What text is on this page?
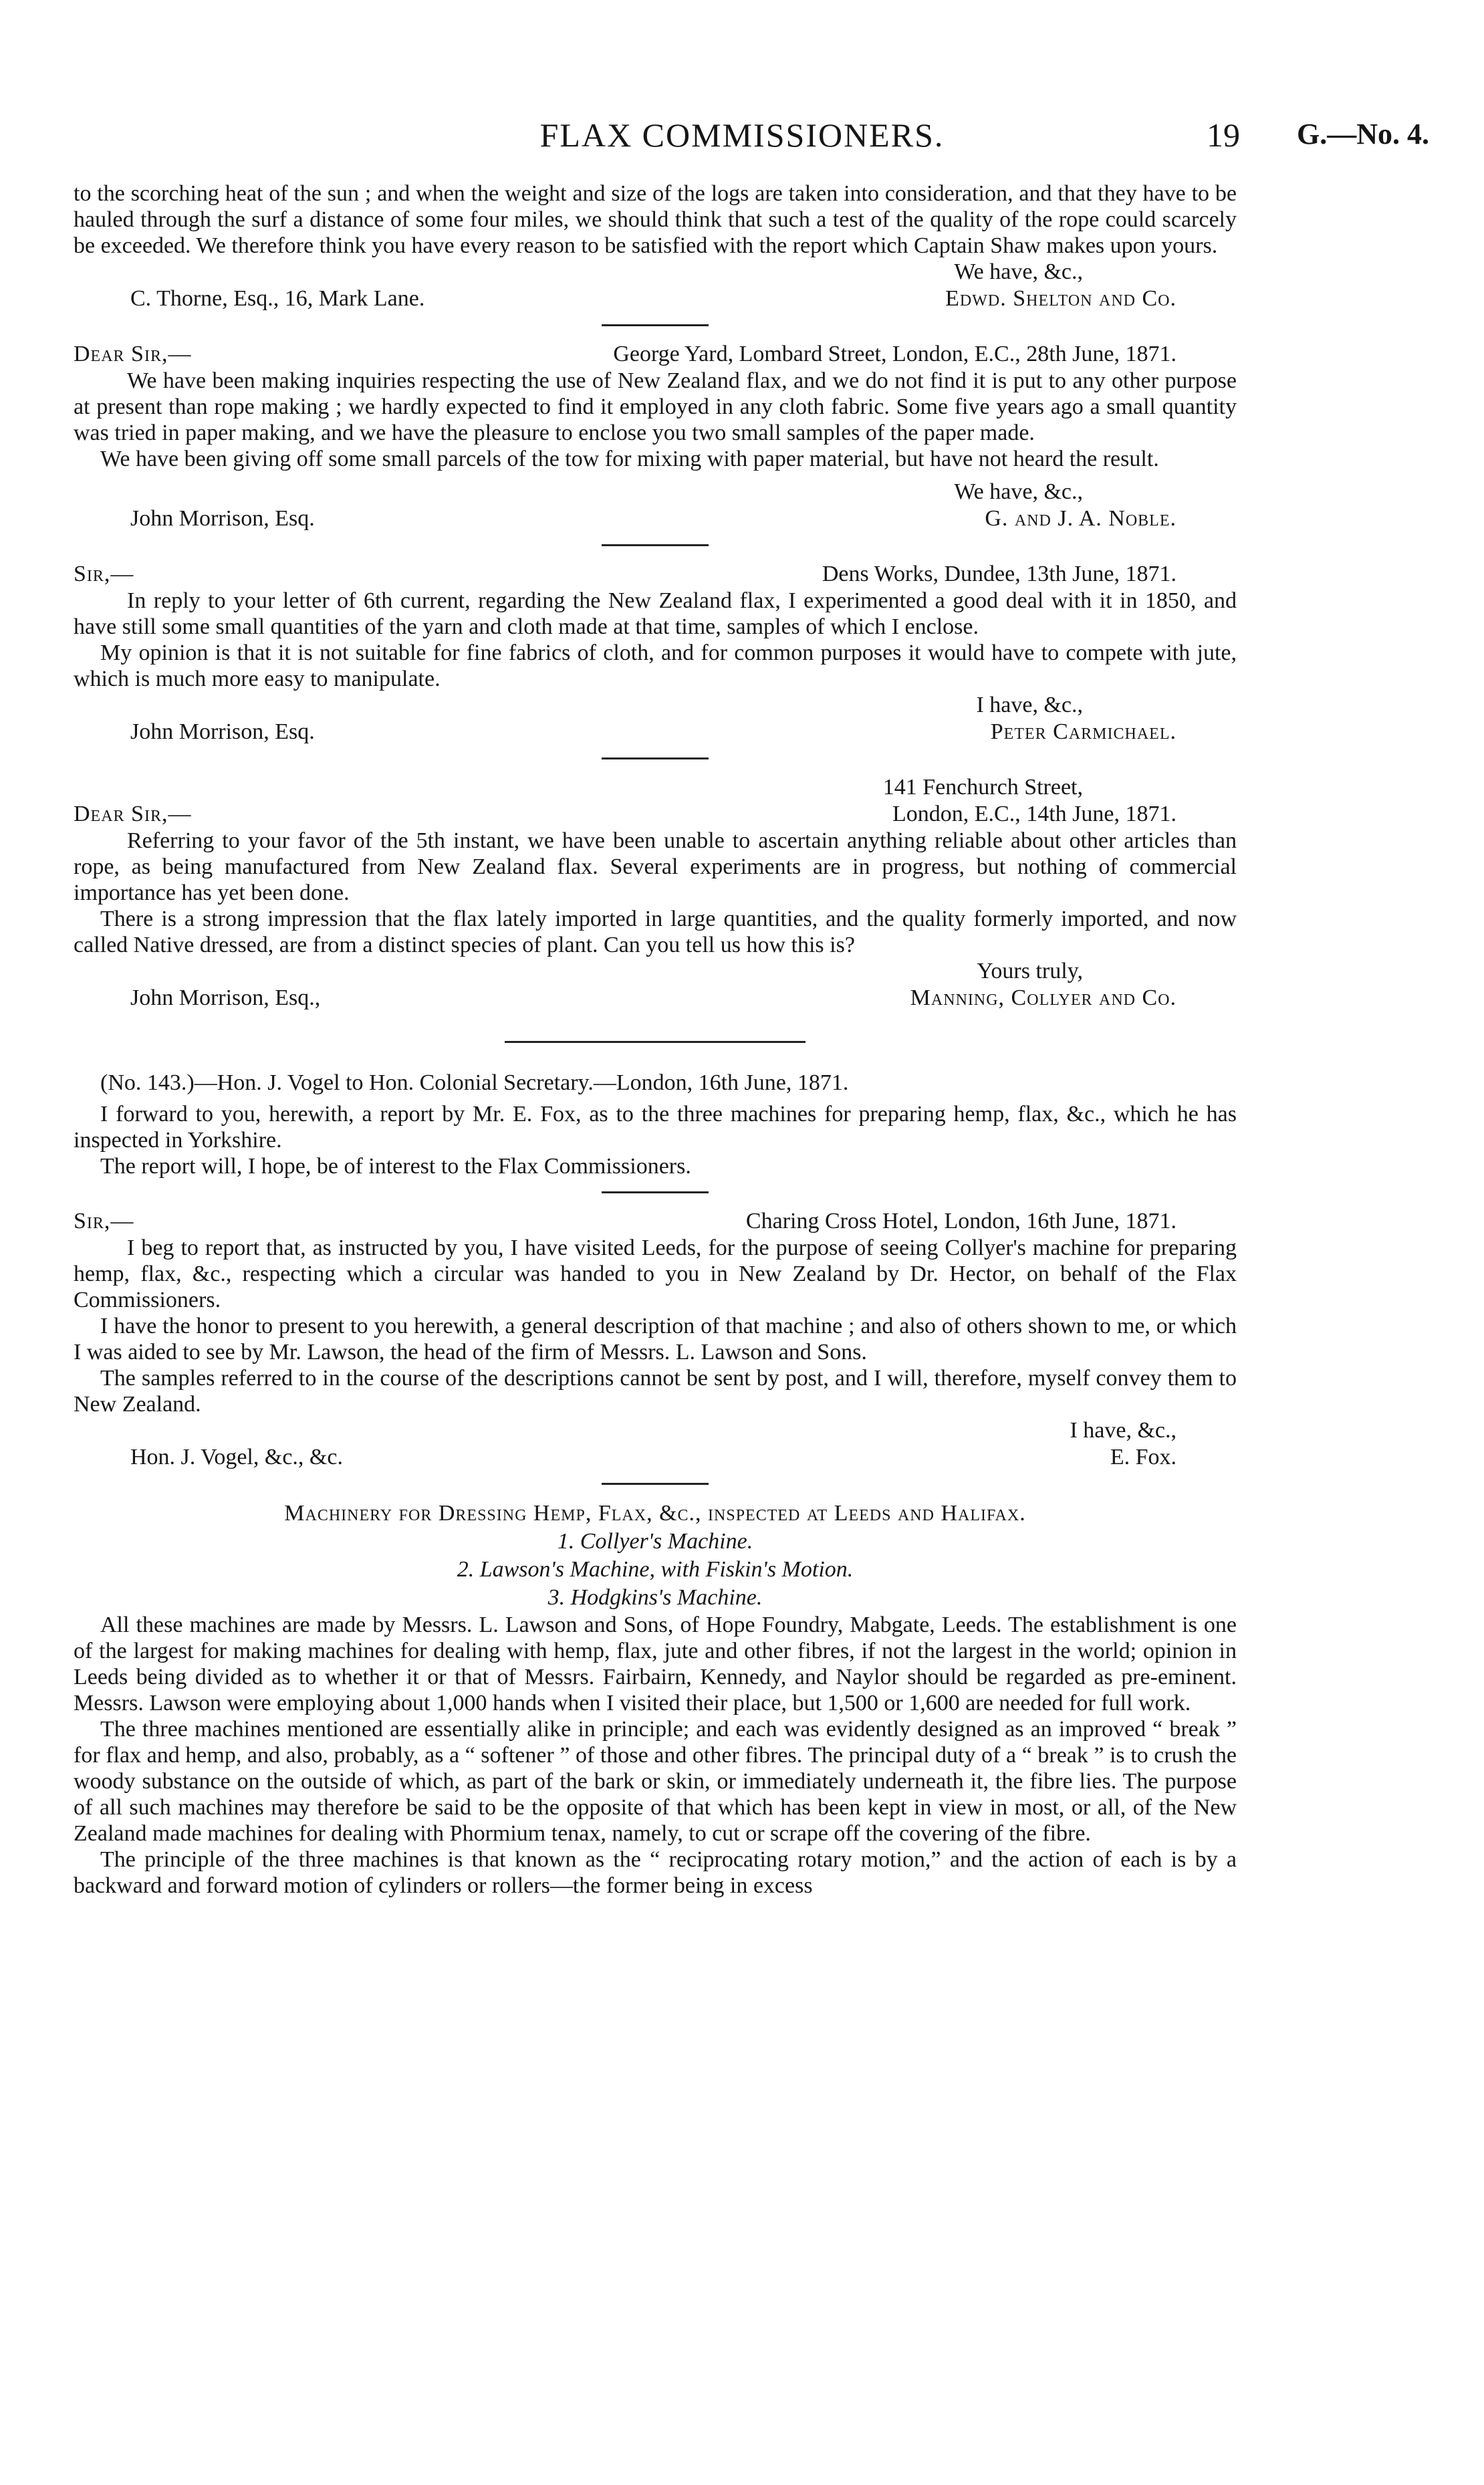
FLAX COMMISSIONERS.	19 G.—No. 4.

to the scorching heat of the sun ; and when the weight and size of the logs are taken into consideration, and that they have to be hauled through the surf a distance of some four miles, we should think that such a test of the quality of the rope could scarcely be exceeded. We therefore think you have every reason to be satisfied with the report which Captain Shaw makes upon yours.

We have, &c.,
C. Thorne, Esq., 16, Mark Lane.	Edwd. Shelton and Co.
Dear Sir,—	George Yard, Lombard Street, London, E.C., 28th June, 1871.

We have been making inquiries respecting the use of New Zealand flax, and we do not find it is put to any other purpose at present than rope making ; we hardly expected to find it employed in any cloth fabric. Some five years ago a small quantity was tried in paper making, and we have the pleasure to enclose you two small samples of the paper made.

We have been giving off some small parcels of the tow for mixing with paper material, but have not heard the result.

We have, &c.,
John Morrison, Esq.	G. and J. A. Noble.
Sir,—	Dens Works, Dundee, 13th June, 1871.

In reply to your letter of 6th current, regarding the New Zealand flax, I experimented a good deal with it in 1850, and have still some small quantities of the yarn and cloth made at that time, samples of which I enclose.

My opinion is that it is not suitable for fine fabrics of cloth, and for common purposes it would have to compete with jute, which is much more easy to manipulate.

I have, &c.,
John Morrison, Esq.	Peter Carmichael.
141 Fenchurch Street,
Dear Sir,—	London, E.C., 14th June, 1871.

Referring to your favor of the 5th instant, we have been unable to ascertain anything reliable about other articles than rope, as being manufactured from New Zealand flax. Several experiments are in progress, but nothing of commercial importance has yet been done.

There is a strong impression that the flax lately imported in large quantities, and the quality formerly imported, and now called Native dressed, are from a distinct species of plant. Can you tell us how this is?

Yours truly,
John Morrison, Esq.,	Manning, Collyer and Co.

(No. 143.)—Hon. J. Vogel to Hon. Colonial Secretary.—London, 16th June, 1871.

I forward to you, herewith, a report by Mr. E. Fox, as to the three machines for preparing hemp, flax, &c., which he has inspected in Yorkshire.

The report will, I hope, be of interest to the Flax Commissioners.

Sir,—	Charing Cross Hotel, London, 16th June, 1871.

I beg to report that, as instructed by you, I have visited Leeds, for the purpose of seeing Collyer's machine for preparing hemp, flax, &c., respecting which a circular was handed to you in New Zealand by Dr. Hector, on behalf of the Flax Commissioners.

I have the honor to present to you herewith, a general description of that machine ; and also of others shown to me, or which I was aided to see by Mr. Lawson, the head of the firm of Messrs. L. Lawson and Sons.

The samples referred to in the course of the descriptions cannot be sent by post, and I will, therefore, myself convey them to New Zealand.

I have, &c.,
Hon. J. Vogel, &c., &c.	E. Fox.
Machinery for Dressing Hemp, Flax, &c., inspected at Leeds and Halifax.
1. Collyer's Machine.
2. Lawson's Machine, with Fiskin's Motion.
3. Hodgkins's Machine.

All these machines are made by Messrs. L. Lawson and Sons, of Hope Foundry, Mabgate, Leeds. The establishment is one of the largest for making machines for dealing with hemp, flax, jute and other fibres, if not the largest in the world; opinion in Leeds being divided as to whether it or that of Messrs. Fairbairn, Kennedy, and Naylor should be regarded as pre-eminent. Messrs. Lawson were employing about 1,000 hands when I visited their place, but 1,500 or 1,600 are needed for full work.

The three machines mentioned are essentially alike in principle; and each was evidently designed as an improved “ break ” for flax and hemp, and also, probably, as a “ softener ” of those and other fibres. The principal duty of a “ break ” is to crush the woody substance on the outside of which, as part of the bark or skin, or immediately underneath it, the fibre lies. The purpose of all such machines may therefore be said to be the opposite of that which has been kept in view in most, or all, of the New Zealand made machines for dealing with Phormium tenax, namely, to cut or scrape off the covering of the fibre.

The principle of the three machines is that known as the “ reciprocating rotary motion,” and the action of each is by a backward and forward motion of cylinders or rollers—the former being in excess
